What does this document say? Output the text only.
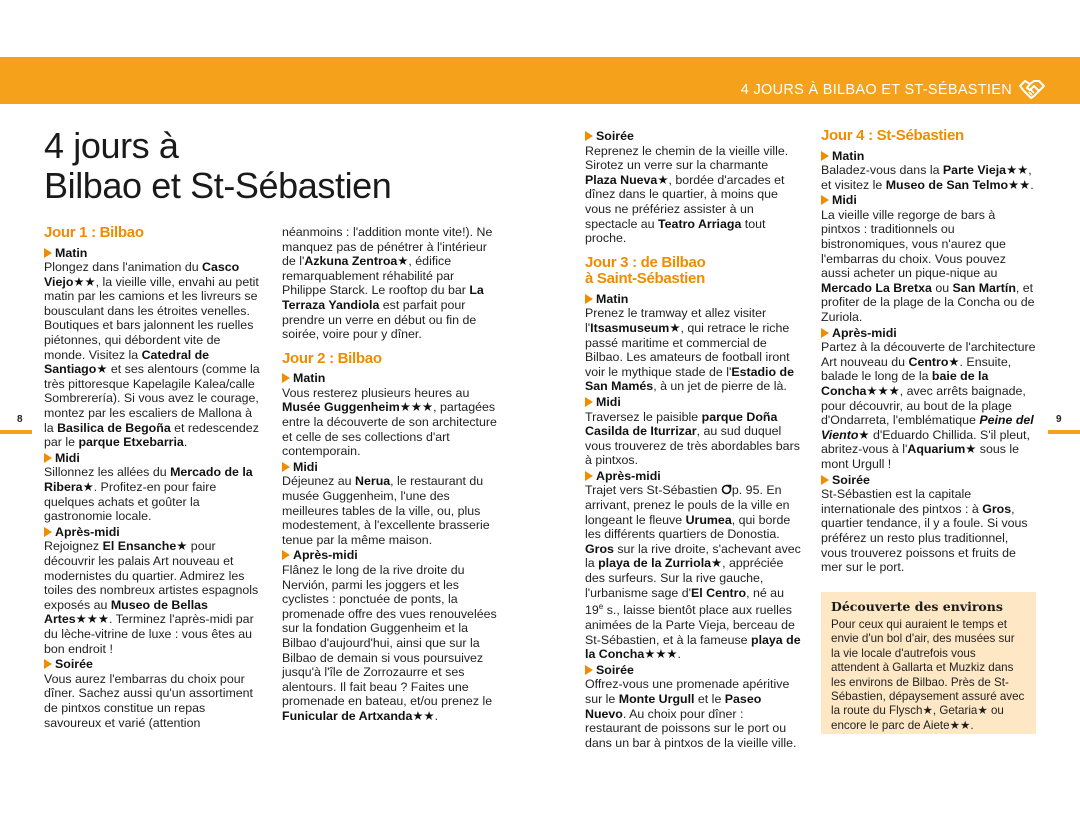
4 JOURS À BILBAO ET ST-SÉBASTIEN
8	9
4 jours à
Bilbao et St-Sébastien
Jour 1 : Bilbao
Matin

Plongez dans l'animation du Casco Viejo★★, la vieille ville, envahi au petit matin par les camions et les livreurs se bousculant dans les étroites venelles. Boutiques et bars jalonnent les ruelles piétonnes, qui débordent vite de monde. Visitez la Catedral de Santiago★ et ses alentours (comme la très pittoresque Kapelagile Kalea/calle Sombrerería). Si vous avez le courage, montez par les escaliers de Mallona à la Basilica de Begoña et redescendez par le parque Etxebarria.

Midi

Sillonnez les allées du Mercado de la Ribera★. Profitez-en pour faire quelques achats et goûter la gastronomie locale.

Après-midi

Rejoignez El Ensanche★ pour découvrir les palais Art nouveau et modernistes du quartier. Admirez les toiles des nombreux artistes espagnols exposés au Museo de Bellas Artes★★★. Terminez l'après-midi par du lèche-vitrine de luxe : vous êtes au bon endroit !

Soirée

Vous aurez l'embarras du choix pour dîner. Sachez aussi qu'un assortiment de pintxos constitue un repas savoureux et varié (attention

néanmoins : l'addition monte vite!). Ne manquez pas de pénétrer à l'intérieur de l'Azkuna Zentroa★, édifice remarquablement réhabilité par Philippe Starck. Le rooftop du bar La Terraza Yandiola est parfait pour prendre un verre en début ou fin de soirée, voire pour y dîner.

Jour 2 : Bilbao
Matin

Vous resterez plusieurs heures au Musée Guggenheim★★★, partagées entre la découverte de son architecture et celle de ses collections d'art contemporain.

Midi

Déjeunez au Nerua, le restaurant du musée Guggenheim, l'une des meilleures tables de la ville, ou, plus modestement, à l'excellente brasserie tenue par la même maison.

Après-midi

Flânez le long de la rive droite du Nervión, parmi les joggers et les cyclistes : ponctuée de ponts, la promenade offre des vues renouvelées sur la fondation Guggenheim et la Bilbao d'aujourd'hui, ainsi que sur la Bilbao de demain si vous poursuivez jusqu'à l'île de Zorrozaurre et ses alentours. Il fait beau ? Faites une promenade en bateau, et/ou prenez le Funicular de Artxanda★★.

Soirée

Reprenez le chemin de la vieille ville. Sirotez un verre sur la charmante Plaza Nueva★, bordée d'arcades et dînez dans le quartier, à moins que vous ne préfériez assister à un spectacle au Teatro Arriaga tout proche.

Jour 3 : de Bilbao
à Saint-Sébastien
Matin

Prenez le tramway et allez visiter l'Itsasmuseum★, qui retrace le riche passé maritime et commercial de Bilbao. Les amateurs de football iront voir le mythique stade de l'Estadio de San Mamés, à un jet de pierre de là.

Midi

Traversez le paisible parque Doña Casilda de Iturrizar, au sud duquel vous trouverez de très abordables bars à pintxos.

Après-midi

Trajet vers St-Sébastien p. 95. En arrivant, prenez le pouls de la ville en longeant le fleuve Urumea, qui borde les différents quartiers de Donostia. Gros sur la rive droite, s'achevant avec la playa de la Zurriola★, appréciée des surfeurs. Sur la rive gauche, l'urbanisme sage d'El Centro, né au 19e s., laisse bientôt place aux ruelles animées de la Parte Vieja, berceau de St-Sébastien, et à la fameuse playa de la Concha★★★.

Soirée

Offrez-vous une promenade apéritive sur le Monte Urgull et le Paseo Nuevo. Au choix pour dîner : restaurant de poissons sur le port ou dans un bar à pintxos de la vieille ville.

Jour 4 : St-Sébastien
Matin

Baladez-vous dans la Parte Vieja★★, et visitez le Museo de San Telmo★★.

Midi

La vieille ville regorge de bars à pintxos : traditionnels ou bistronomiques, vous n'aurez que l'embarras du choix. Vous pouvez aussi acheter un pique-nique au Mercado La Bretxa ou San Martín, et profiter de la plage de la Concha ou de Zuriola.

Après-midi

Partez à la découverte de l'architecture Art nouveau du Centro★. Ensuite, balade le long de la baie de la Concha★★★, avec arrêts baignade, pour découvrir, au bout de la plage d'Ondarreta, l'emblématique Peine del Viento★ d'Eduardo Chillida. S'il pleut, abritez-vous à l'Aquarium★ sous le mont Urgull !

Soirée

St-Sébastien est la capitale internationale des pintxos : à Gros, quartier tendance, il y a foule. Si vous préférez un resto plus traditionnel, vous trouverez poissons et fruits de mer sur le port.

Découverte des environs

Pour ceux qui auraient le temps et envie d'un bol d'air, des musées sur la vie locale d'autrefois vous attendent à Gallarta et Muzkiz dans les environs de Bilbao. Près de St-Sébastien, dépaysement assuré avec la route du Flysch★, Getaria★ ou encore le parc de Aiete★★.
